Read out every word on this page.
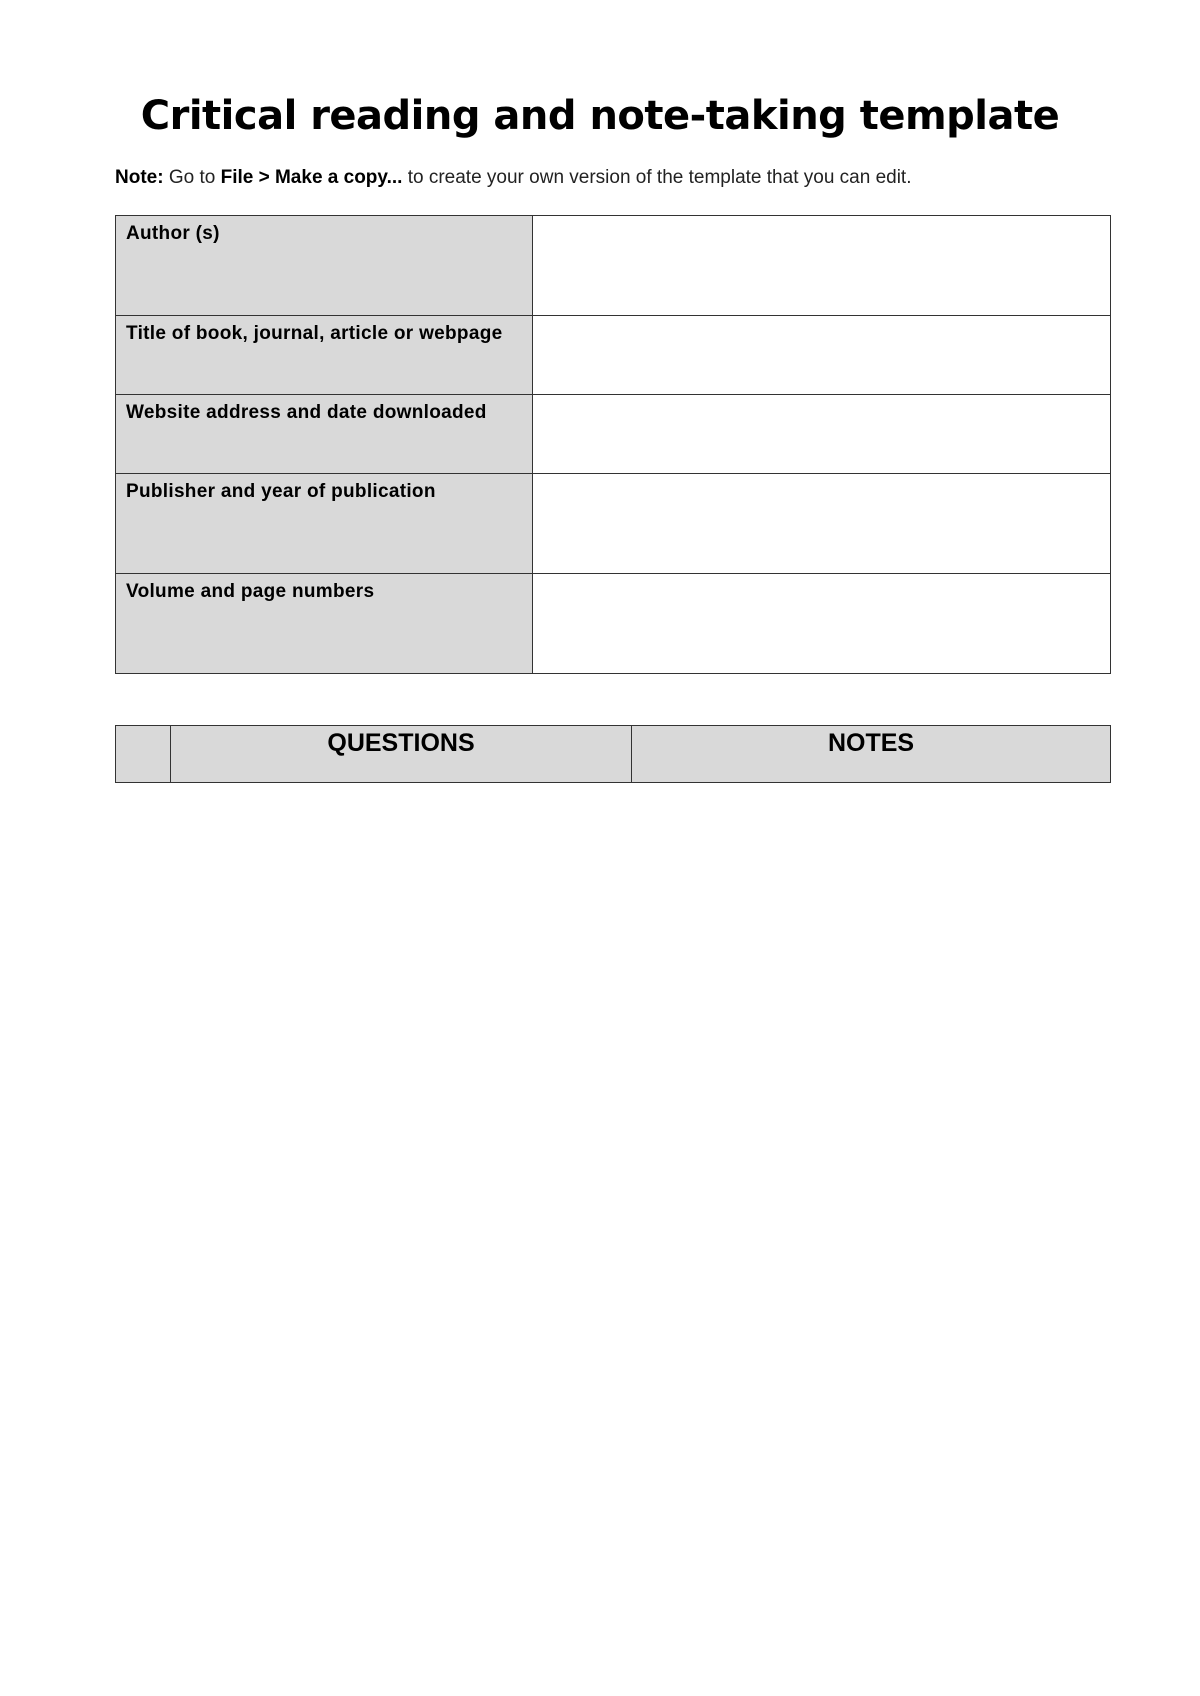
Critical reading and note-taking template
Note: Go to File > Make a copy... to create your own version of the template that you can edit.
Author (s)	
Title of book, journal, article or webpage	
Website address and date downloaded	
Publisher and year of publication	
Volume and page numbers	
	QUESTIONS	NOTES
